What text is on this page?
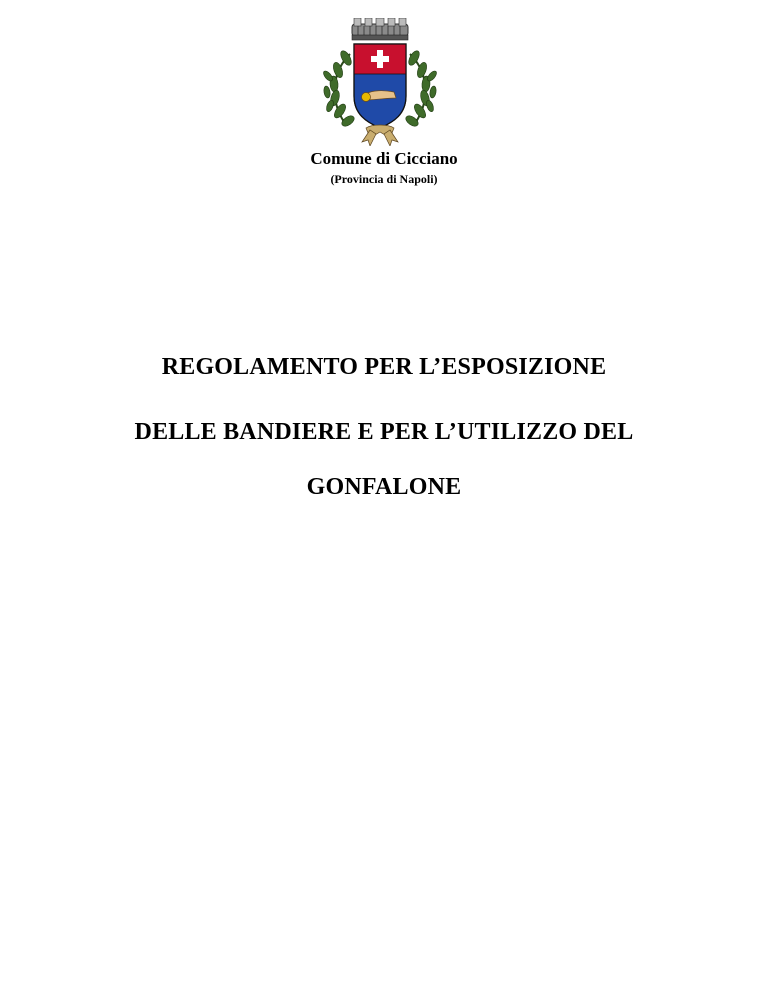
Comune di Cicciano
(Provincia di Napoli)
REGOLAMENTO PER L’ESPOSIZIONE
DELLE BANDIERE E PER L’UTILIZZO DEL
GONFALONE
